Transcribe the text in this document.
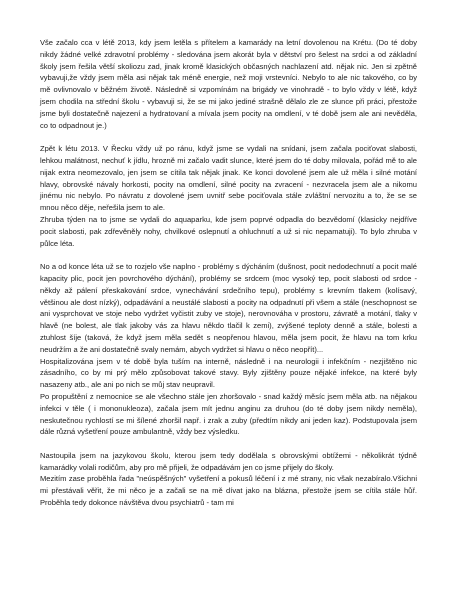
Vše začalo cca v létě 2013, kdy jsem letěla s přítelem a kamarády na letní dovolenou na Krétu. (Do té doby nikdy žádné velké zdravotní problémy - sledována jsem akorát byla v dětství pro šelest na srdci a od základní školy jsem řešila větší skoliozu zad, jinak kromě klasických občasných nachlazení atd. nějak nic. Jen si zpětně vybavuji,že vždy jsem měla asi nějak tak méně energie, než moji vrstevníci. Nebylo to ale nic takového, co by mě ovlivnovalo v běžném životě. Následně si vzpomínám na brigády ve vinohradě - to bylo vždy v létě, když jsem chodila na střední školu - vybavuji si, že se mi jako jediné strašně dělalo zle ze slunce při práci, přestože jsme byli dostatečně najezení a hydratovaní a mívala jsem pocity na omdlení, v té době jsem ale ani nevěděla, co to odpadnout je.)

Zpět k létu 2013. V Řecku vždy už po ránu, když jsme se vydali na snídani, jsem začala pociťovat slabosti, lehkou malátnost, nechuť k jídlu, hrozně mi začalo vadit slunce, které jsem do té doby milovala, pořád mě to ale nijak extra neomezovalo, jen jsem se cítila tak nějak jinak. Ke konci dovolené jsem ale už měla i silné motání hlavy, obrovské návaly horkosti, pocity na omdlení, silné pocity na zvracení - nezvracela jsem ale a nikomu jinému nic nebylo. Po návratu z dovolené jsem uvnitř sebe pociťovala stále zvláštní nervozitu a to, že se se mnou něco děje, neřešila jsem to ale.

Zhruba týden na to jsme se vydali do aquaparku, kde jsem poprvé odpadla do bezvědomí (klasicky nejdříve pocit slabosti, pak zdřevěněly nohy, chvilkové oslepnutí a ohluchnutí a už si nic nepamatuji). To bylo zhruba v půlce léta.

No a od konce léta už se to rozjelo vše naplno - problémy s dýcháním (dušnost, pocit nedodechnutí a pocit malé kapacity plic, pocit jen povrchového dýchání), problémy se srdcem (moc vysoký tep, pocit slabosti od srdce - někdy až pálení přeskakování srdce, vynechávání srdečního tepu), problémy s krevním tlakem (kolísavý, většinou ale dost nízký), odpadávání a neustálé slabosti a pocity na odpadnutí při všem a stále (neschopnost se ani vysprchovat ve stoje nebo vydržet vyčistit zuby ve stoje), nerovnováha v prostoru, závratě a motání, tlaky v hlavě (ne bolest, ale tlak jakoby vás za hlavu někdo tlačil k zemi), zvýšené teploty denně a stále, bolesti a ztuhlost šíje (taková, že když jsem měla sedět s neopřenou hlavou, měla jsem pocit, že hlavu na tom krku neudržím a že ani dostatečně svaly nemám, abych vydržet si hlavu o něco neopřít)...

Hospitalizována jsem v té době byla tuším na interně, následně i na neurologii i infekčním - nezjištěno nic zásadního, co by mi prý mělo způsobovat takové stavy. Byly zjištěny pouze nějaké infekce, na které byly nasazeny atb., ale ani po nich se můj stav neupravil.

Po propuštění z nemocnice se ale všechno stále jen zhoršovalo - snad každý měsíc jsem měla atb. na nějakou infekci v těle ( i mononukleoza), začala jsem mít jednu anginu za druhou (do té doby jsem nikdy neměla), neskutečnou rychlostí se mi šílené zhoršil např. i zrak a zuby (předtím nikdy ani jeden kaz). Podstupovala jsem dále různá vyšetření pouze ambulantně, vždy bez výsledku.

Nastoupila jsem na jazykovou školu, kterou jsem tedy dodělala s obrovskými obtížemi - několikrát týdně kamarádky volali rodičům, aby pro mě přijeli, že odpadávám jen co jsme přijely do školy.

Mezitím zase proběhla řada "neúspěšných" vyšetření a pokusů léčení i z mé strany, nic však nezabíralo.Všichni mi přestávali věřit, že mi něco je a začali se na mě dívat jako na blázna, přestože jsem se cítila stále hůř. Proběhla tedy dokonce návštěva dvou psychiatrů - tam mi
